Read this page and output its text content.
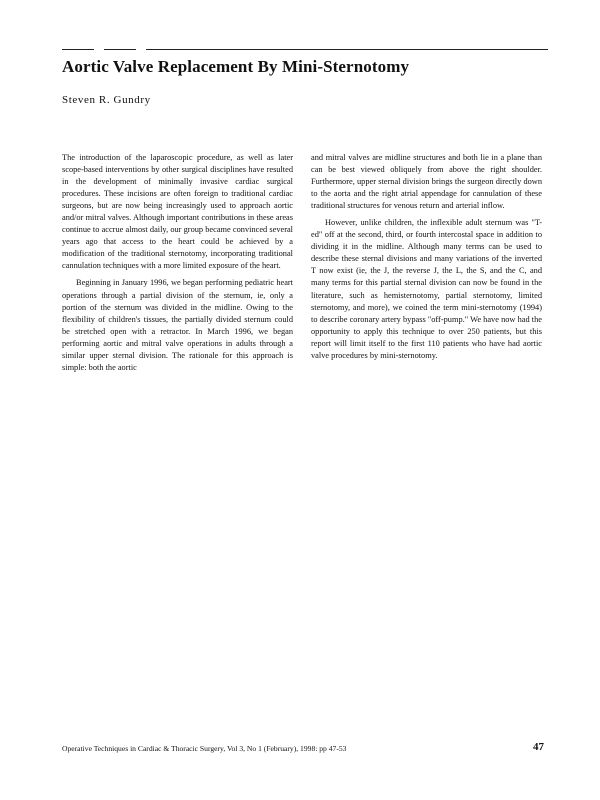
Aortic Valve Replacement By Mini-Sternotomy
Steven R. Gundry

The introduction of the laparoscopic procedure, as well as later scope-based interventions by other surgical disciplines have resulted in the development of minimally invasive cardiac surgical procedures. These incisions are often foreign to traditional cardiac surgeons, but are now being increasingly used to approach aortic and/or mitral valves. Although important contributions in these areas continue to accrue almost daily, our group became convinced several years ago that access to the heart could be achieved by a modification of the traditional sternotomy, incorporating traditional cannulation techniques with a more limited exposure of the heart.

Beginning in January 1996, we began performing pediatric heart operations through a partial division of the sternum, ie, only a portion of the sternum was divided in the midline. Owing to the flexibility of children's tissues, the partially divided sternum could be stretched open with a retractor. In March 1996, we began performing aortic and mitral valve operations in adults through a similar upper sternal division. The rationale for this approach is simple: both the aortic

and mitral valves are midline structures and both lie in a plane than can be best viewed obliquely from above the right shoulder. Furthermore, upper sternal division brings the surgeon directly down to the aorta and the right atrial appendage for cannulation of these traditional structures for venous return and arterial inflow.

However, unlike children, the inflexible adult sternum was "T-ed" off at the second, third, or fourth intercostal space in addition to dividing it in the midline. Although many terms can be used to describe these sternal divisions and many variations of the inverted T now exist (ie, the J, the reverse J, the L, the S, and the C, and many terms for this partial sternal division can now be found in the literature, such as hemisternotomy, partial sternotomy, limited sternotomy, and more), we coined the term mini-sternotomy (1994) to describe coronary artery bypass "off-pump." We have now had the opportunity to apply this technique to over 250 patients, but this report will limit itself to the first 110 patients who have had aortic valve procedures by mini-sternotomy.

Operative Techniques in Cardiac & Thoracic Surgery, Vol 3, No 1 (February), 1998: pp 47-53	47
